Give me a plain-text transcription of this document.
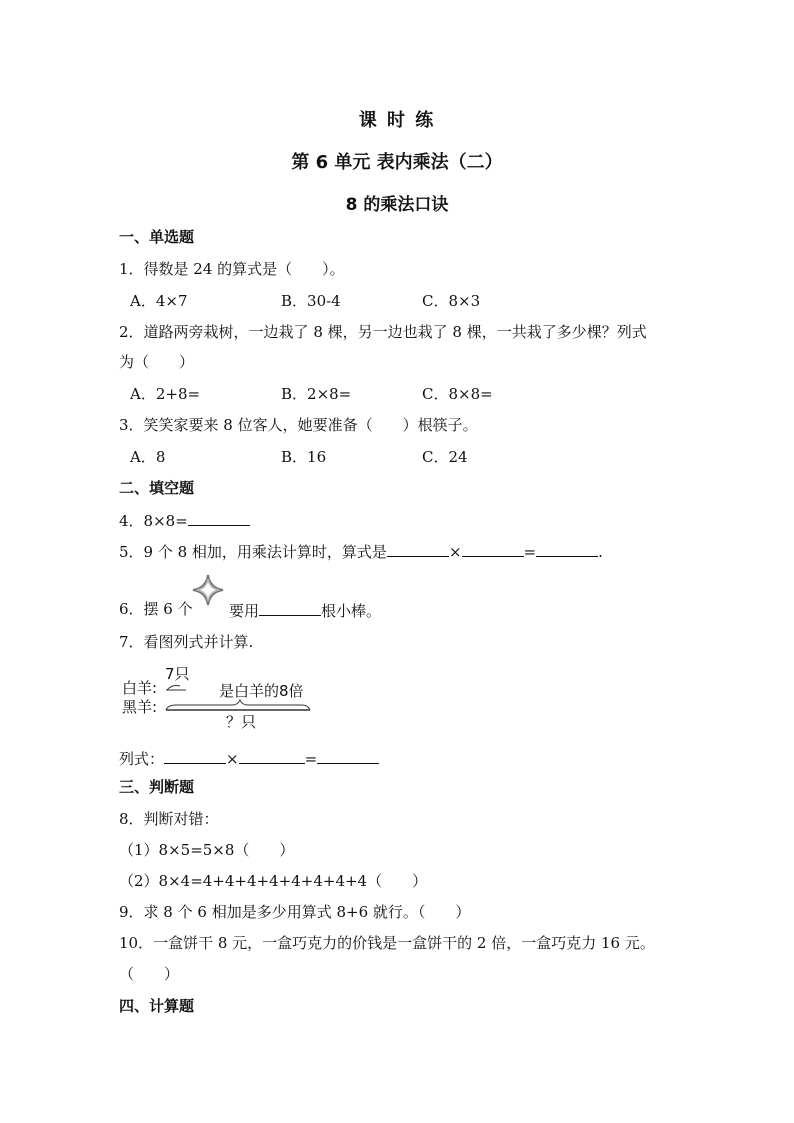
课 时 练
第 6 单元 表内乘法（二）
8 的乘法口诀
一、单选题
1．得数是 24 的算式是（　　）。
A．4×7	B．30-4	C．8×3
2．道路两旁栽树，一边栽了 8 棵，另一边也栽了 8 棵，一共栽了多少棵？列式
为（　　）
A．2+8=	B．2×8=	C．8×8=
3．笑笑家要来 8 位客人，她要准备（　　）根筷子。
A．8	B．16	C．24
二、填空题
4．8×8=
5．9 个 8 相加，用乘法计算时，算式是	×	=	.
6．摆 6 个 要用	根小棒。
7．看图列式并计算.
白羊:
黑羊:
7只
是白羊的8倍
？只
列式：	×	=
三、判断题
8．判断对错：
（1）8×5=5×8（　　）
（2）8×4=4+4+4+4+4+4+4+4（　　）
9．求 8 个 6 相加是多少用算式 8+6 就行。（　　）
10．一盒饼干 8 元，一盒巧克力的价钱是一盒饼干的 2 倍，一盒巧克力 16 元。
（　　）
四、计算题
